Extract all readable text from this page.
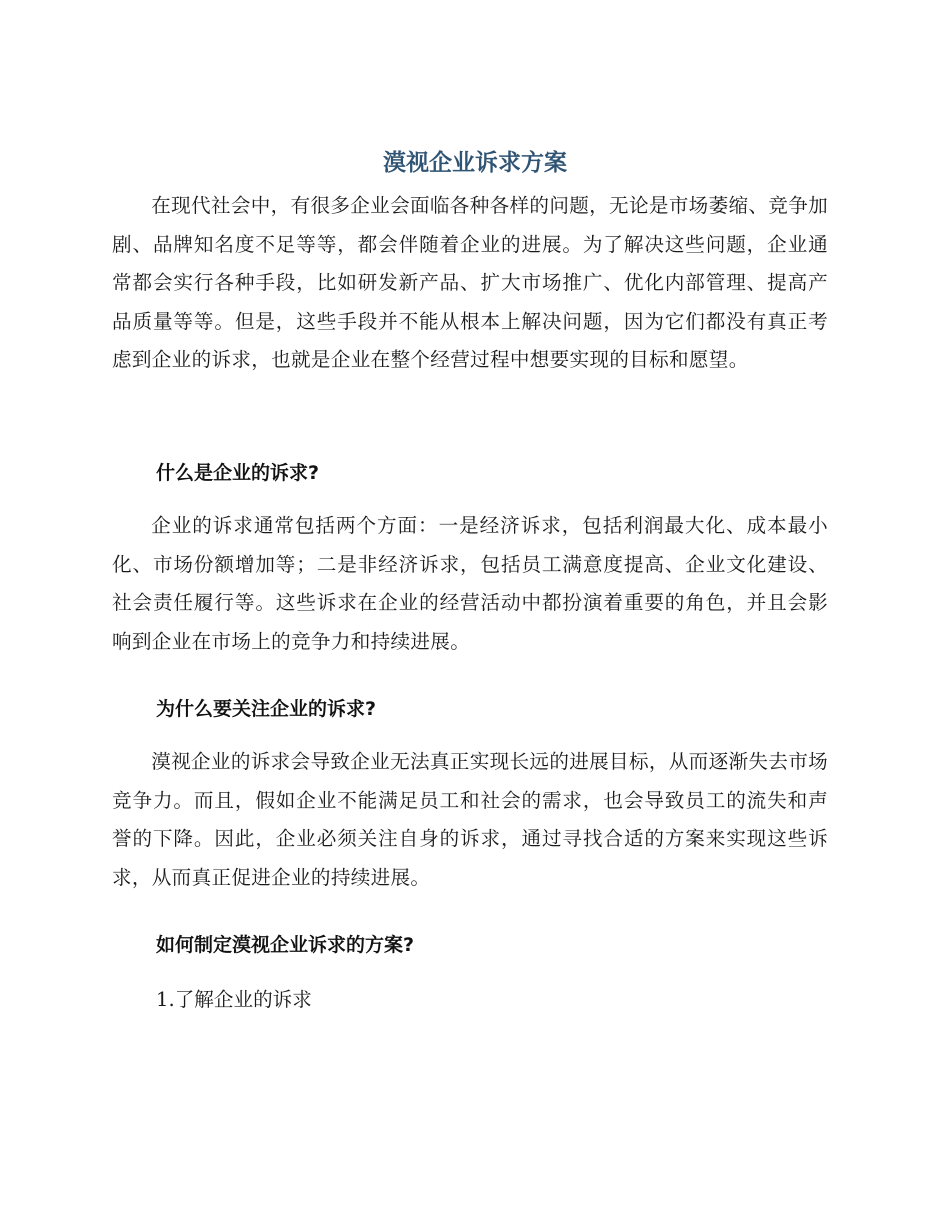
漠视企业诉求方案

在现代社会中，有很多企业会面临各种各样的问题，无论是市场萎缩、竞争加剧、品牌知名度不足等等，都会伴随着企业的进展。为了解决这些问题，企业通常都会实行各种手段，比如研发新产品、扩大市场推广、优化内部管理、提高产品质量等等。但是，这些手段并不能从根本上解决问题，因为它们都没有真正考虑到企业的诉求，也就是企业在整个经营过程中想要实现的目标和愿望。

什么是企业的诉求?

企业的诉求通常包括两个方面：一是经济诉求，包括利润最大化、成本最小化、市场份额增加等；二是非经济诉求，包括员工满意度提高、企业文化建设、社会责任履行等。这些诉求在企业的经营活动中都扮演着重要的角色，并且会影响到企业在市场上的竞争力和持续进展。

为什么要关注企业的诉求?

漠视企业的诉求会导致企业无法真正实现长远的进展目标，从而逐渐失去市场竞争力。而且，假如企业不能满足员工和社会的需求，也会导致员工的流失和声誉的下降。因此，企业必须关注自身的诉求，通过寻找合适的方案来实现这些诉求，从而真正促进企业的持续进展。

如何制定漠视企业诉求的方案?

1.了解企业的诉求
